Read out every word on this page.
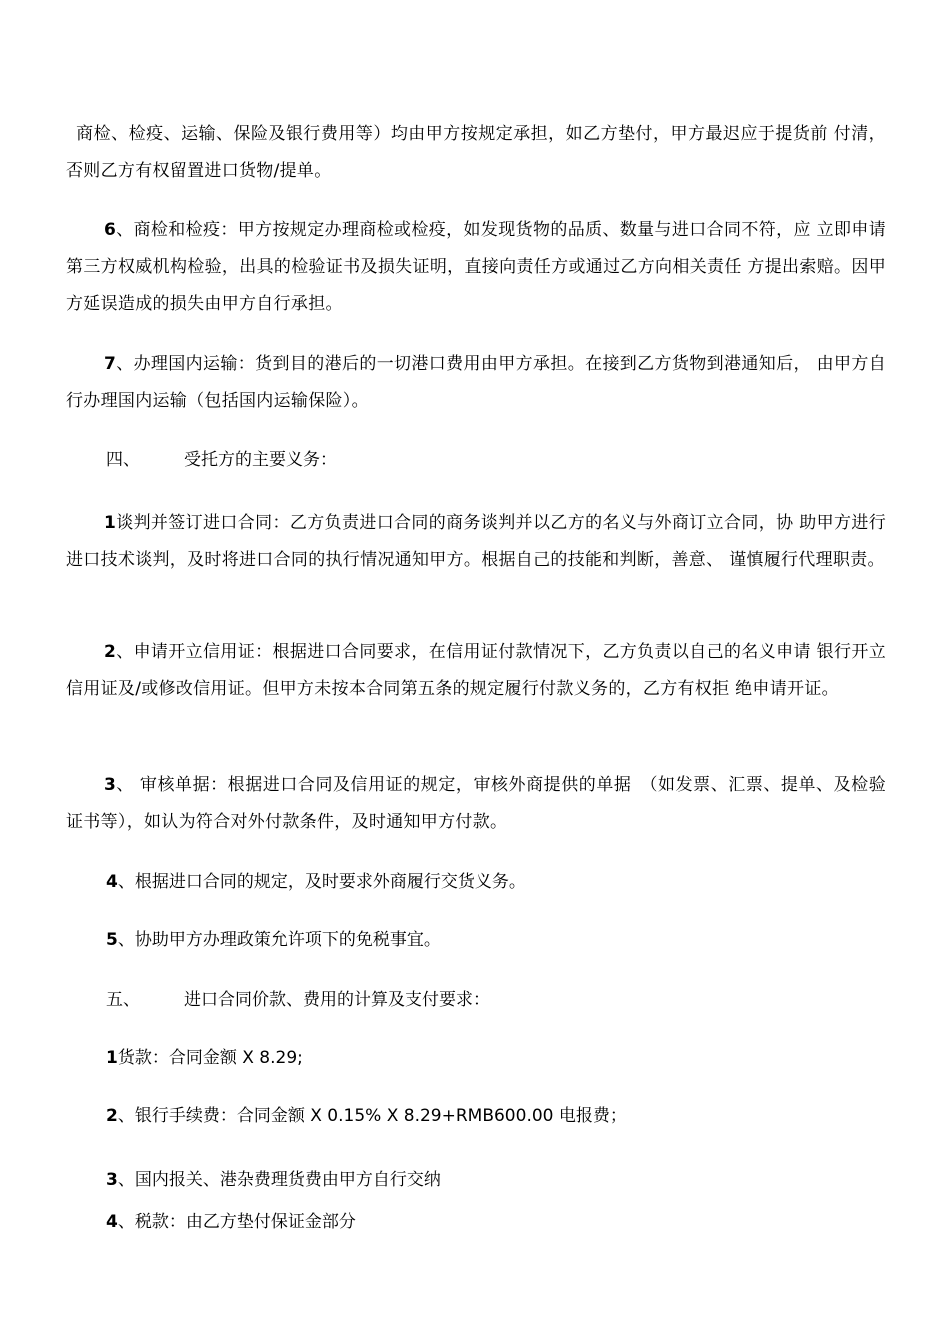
商检、检疫、运输、保险及银行费用等）均由甲方按规定承担，如乙方垫付，甲方最迟应于提货前 付清，否则乙方有权留置进口货物/提单。

6、商检和检疫：甲方按规定办理商检或检疫，如发现货物的品质、数量与进口合同不符，应 立即申请第三方权威机构检验，出具的检验证书及损失证明，直接向责任方或通过乙方向相关责任 方提出索赔。因甲方延误造成的损失由甲方自行承担。

7、办理国内运输：货到目的港后的一切港口费用由甲方承担。在接到乙方货物到港通知后， 由甲方自行办理国内运输（包括国内运输保险）。

四、	受托方的主要义务：

1谈判并签订进口合同：乙方负责进口合同的商务谈判并以乙方的名义与外商订立合同，协 助甲方进行进口技术谈判，及时将进口合同的执行情况通知甲方。根据自己的技能和判断，善意、 谨慎履行代理职责。

2、申请开立信用证：根据进口合同要求，在信用证付款情况下，乙方负责以自己的名义申请 银行开立信用证及/或修改信用证。但甲方未按本合同第五条的规定履行付款义务的，乙方有权拒 绝申请开证。

3、 审核单据：根据进口合同及信用证的规定，审核外商提供的单据　（如发票、汇票、提单、及检验证书等），如认为符合对外付款条件，及时通知甲方付款。

4、根据进口合同的规定，及时要求外商履行交货义务。
5、协助甲方办理政策允许项下的免税事宜。
五、	进口合同价款、费用的计算及支付要求：
1货款：合同金额 X 8.29;
2、银行手续费：合同金额 X 0.15% X 8.29+RMB600.00 电报费；
3、国内报关、港杂费理货费由甲方自行交纳
4、税款：由乙方垫付保证金部分
